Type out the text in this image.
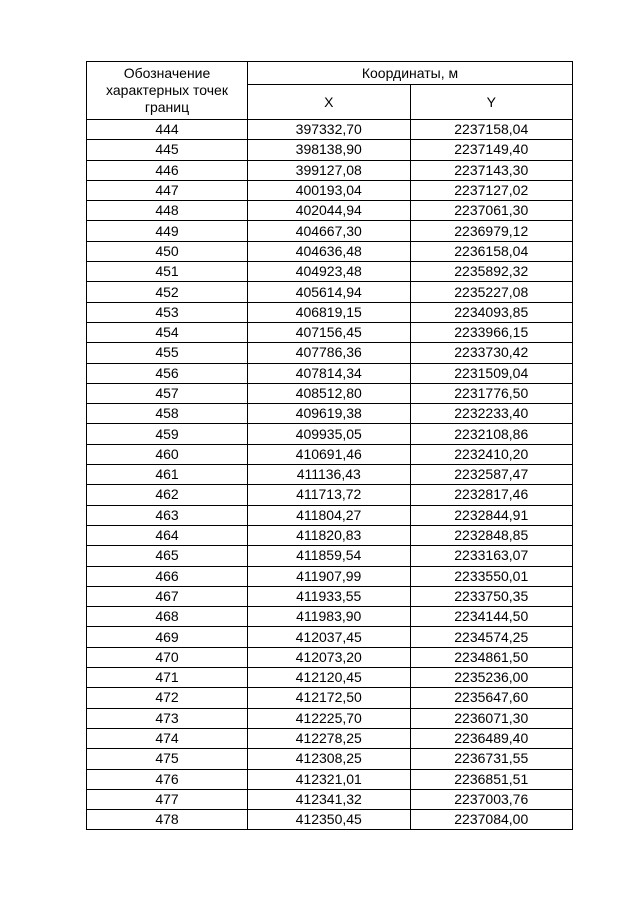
Обозначение характерных точек границ	Координаты, м	
	X	Y
444	397332,70	2237158,04
445	398138,90	2237149,40
446	399127,08	2237143,30
447	400193,04	2237127,02
448	402044,94	2237061,30
449	404667,30	2236979,12
450	404636,48	2236158,04
451	404923,48	2235892,32
452	405614,94	2235227,08
453	406819,15	2234093,85
454	407156,45	2233966,15
455	407786,36	2233730,42
456	407814,34	2231509,04
457	408512,80	2231776,50
458	409619,38	2232233,40
459	409935,05	2232108,86
460	410691,46	2232410,20
461	411136,43	2232587,47
462	411713,72	2232817,46
463	411804,27	2232844,91
464	411820,83	2232848,85
465	411859,54	2233163,07
466	411907,99	2233550,01
467	411933,55	2233750,35
468	411983,90	2234144,50
469	412037,45	2234574,25
470	412073,20	2234861,50
471	412120,45	2235236,00
472	412172,50	2235647,60
473	412225,70	2236071,30
474	412278,25	2236489,40
475	412308,25	2236731,55
476	412321,01	2236851,51
477	412341,32	2237003,76
478	412350,45	2237084,00
